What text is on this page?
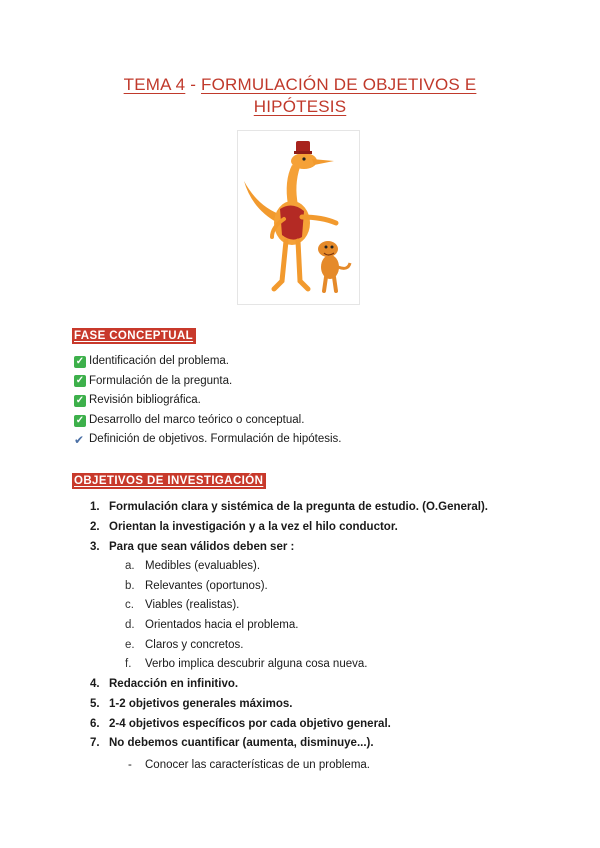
TEMA 4 - FORMULACIÓN DE OBJETIVOS E
HIPÓTESIS
FASE CONCEPTUAL
✓ Identificación del problema.
✓ Formulación de la pregunta.
✓ Revisión bibliográfica.
✓ Desarrollo del marco teórico o conceptual.
✔ Definición de objetivos. Formulación de hipótesis.
OBJETIVOS DE INVESTIGACIÓN
1. Formulación clara y sistémica de la pregunta de estudio. (O.General).
2. Orientan la investigación y a la vez el hilo conductor.
3. Para que sean válidos deben ser :
a. Medibles (evaluables).
b. Relevantes (oportunos).
c. Viables (realistas).
d. Orientados hacia el problema.
e. Claros y concretos.
f. Verbo implica descubrir alguna cosa nueva.
4. Redacción en infinitivo.
5. 1-2 objetivos generales máximos.
6. 2-4 objetivos específicos por cada objetivo general.
7. No debemos cuantificar (aumenta, disminuye...).
- Conocer las características de un problema.
